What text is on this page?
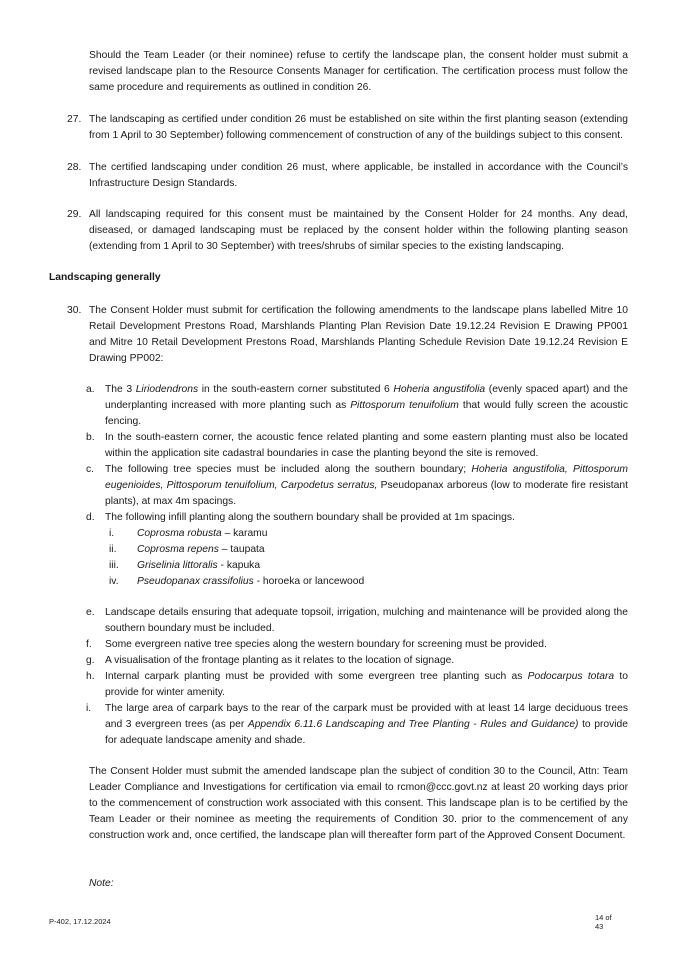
Should the Team Leader (or their nominee) refuse to certify the landscape plan, the consent holder must submit a revised landscape plan to the Resource Consents Manager for certification. The certification process must follow the same procedure and requirements as outlined in condition 26.

27. The landscaping as certified under condition 26 must be established on site within the first planting season (extending from 1 April to 30 September) following commencement of construction of any of the buildings subject to this consent.

28. The certified landscaping under condition 26 must, where applicable, be installed in accordance with the Council’s Infrastructure Design Standards.

29. All landscaping required for this consent must be maintained by the Consent Holder for 24 months. Any dead, diseased, or damaged landscaping must be replaced by the consent holder within the following planting season (extending from 1 April to 30 September) with trees/shrubs of similar species to the existing landscaping.

Landscaping generally
30. The Consent Holder must submit for certification the following amendments to the landscape plans labelled Mitre 10 Retail Development Prestons Road, Marshlands Planting Plan Revision Date 19.12.24 Revision E Drawing PP001 and Mitre 10 Retail Development Prestons Road, Marshlands Planting Schedule Revision Date 19.12.24 Revision E Drawing PP002:

a. The 3 Liriodendrons in the south-eastern corner substituted 6 Hoheria angustifolia (evenly spaced apart) and the underplanting increased with more planting such as Pittosporum tenuifolium that would fully screen the acoustic fencing.
b. In the south-eastern corner, the acoustic fence related planting and some eastern planting must also be located within the application site cadastral boundaries in case the planting beyond the site is removed.
c. The following tree species must be included along the southern boundary; Hoheria angustifolia, Pittosporum eugenioides, Pittosporum tenuifolium, Carpodetus serratus, Pseudopanax arboreus (low to moderate fire resistant plants), at max 4m spacings.
d. The following infill planting along the southern boundary shall be provided at 1m spacings.
i. Coprosma robusta – karamu
ii. Coprosma repens – taupata
iii. Griselinia littoralis - kapuka
iv. Pseudopanax crassifolius - horoeka or lancewood
e. Landscape details ensuring that adequate topsoil, irrigation, mulching and maintenance will be provided along the southern boundary must be included.
f. Some evergreen native tree species along the western boundary for screening must be provided.
g. A visualisation of the frontage planting as it relates to the location of signage.
h. Internal carpark planting must be provided with some evergreen tree planting such as Podocarpus totara to provide for winter amenity.
i. The large area of carpark bays to the rear of the carpark must be provided with at least 14 large deciduous trees and 3 evergreen trees (as per Appendix 6.11.6 Landscaping and Tree Planting - Rules and Guidance) to provide for adequate landscape amenity and shade.

The Consent Holder must submit the amended landscape plan the subject of condition 30 to the Council, Attn: Team Leader Compliance and Investigations for certification via email to rcmon@ccc.govt.nz at least 20 working days prior to the commencement of construction work associated with this consent. This landscape plan is to be certified by the Team Leader or their nominee as meeting the requirements of Condition 30. prior to the commencement of any construction work and, once certified, the landscape plan will thereafter form part of the Approved Consent Document.

Note:
P-402, 17.12.2024	14 of
43
